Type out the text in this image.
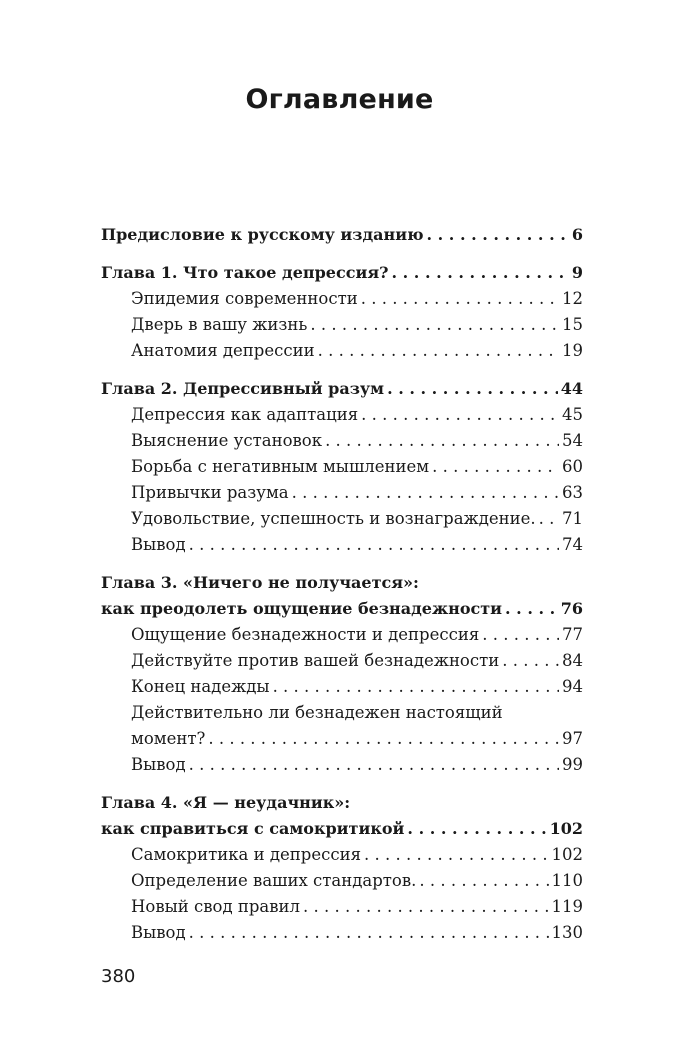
Оглавление
Предисловие к русскому изданию . . .	6
Глава 1. Что такое депрессия? . . .	9
Эпидемия современности . . .	12
Дверь в вашу жизнь . . .	15
Анатомия депрессии . . .	19
Глава 2. Депрессивный разум . . .	44
Депрессия как адаптация . . .	45
Выяснение установок . . .	54
Борьба с негативным мышлением . . .	60
Привычки разума . . .	63
Удовольствие, успешность и вознаграждение. . . . 71
Вывод . . .	74
Глава 3. «Ничего не получается»:
как преодолеть ощущение безнадежности . . .	76
Ощущение безнадежности и депрессия . . .	77
Действуйте против вашей безнадежности . . .	84
Конец надежды . . .	94
Действительно ли безнадежен настоящий
момент? . . .	97
Вывод . . .	99
Глава 4. «Я — неудачник»:
как справиться с самокритикой . . .	102
Самокритика и депрессия . . .	102
Определение ваших стандартов. . . .	110
Новый свод правил . . .	119
Вывод . . .	130
380
